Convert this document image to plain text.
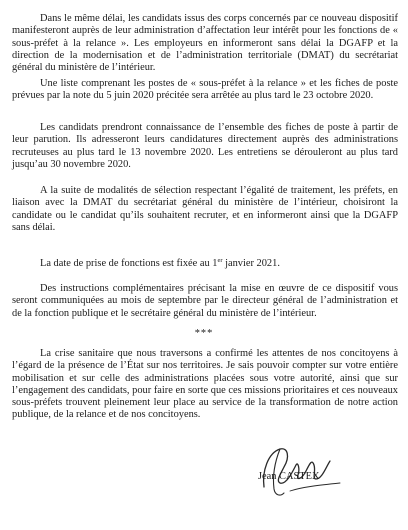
Dans le même délai, les candidats issus des corps concernés par ce nouveau dispositif manifesteront auprès de leur administration d’affectation leur intérêt pour les fonctions de « sous-préfet à la relance ». Les employeurs en informeront sans délai la DGAFP et la direction de la modernisation et de l’administration territoriale (DMAT) du secrétariat général du ministère de l’intérieur.

Une liste comprenant les postes de « sous-préfet à la relance » et les fiches de poste prévues par la note du 5 juin 2020 précitée sera arrêtée au plus tard le 23 octobre 2020.

Les candidats prendront connaissance de l’ensemble des fiches de poste à partir de leur parution. Ils adresseront leurs candidatures directement auprès des administrations recruteuses au plus tard le 13 novembre 2020. Les entretiens se dérouleront au plus tard jusqu’au 30 novembre 2020.

A la suite de modalités de sélection respectant l’égalité de traitement, les préfets, en liaison avec la DMAT du secrétariat général du ministère de l’intérieur, choisiront la candidate ou le candidat qu’ils souhaitent recruter, et en informeront ainsi que la DGAFP sans délai.

La date de prise de fonctions est fixée au 1er janvier 2021.

Des instructions complémentaires précisant la mise en œuvre de ce dispositif vous seront communiquées au mois de septembre par le directeur général de l’administration et de la fonction publique et le secrétaire général du ministère de l’intérieur.

***

La crise sanitaire que nous traversons a confirmé les attentes de nos concitoyens à l’égard de la présence de l’État sur nos territoires. Je sais pouvoir compter sur votre entière mobilisation et sur celle des administrations placées sous votre autorité, ainsi que sur l’engagement des candidats, pour faire en sorte que ces missions prioritaires et ces nouveaux sous-préfets trouvent pleinement leur place au service de la transformation de notre action publique, de la relance et de nos concitoyens.

Jean CASTEX
